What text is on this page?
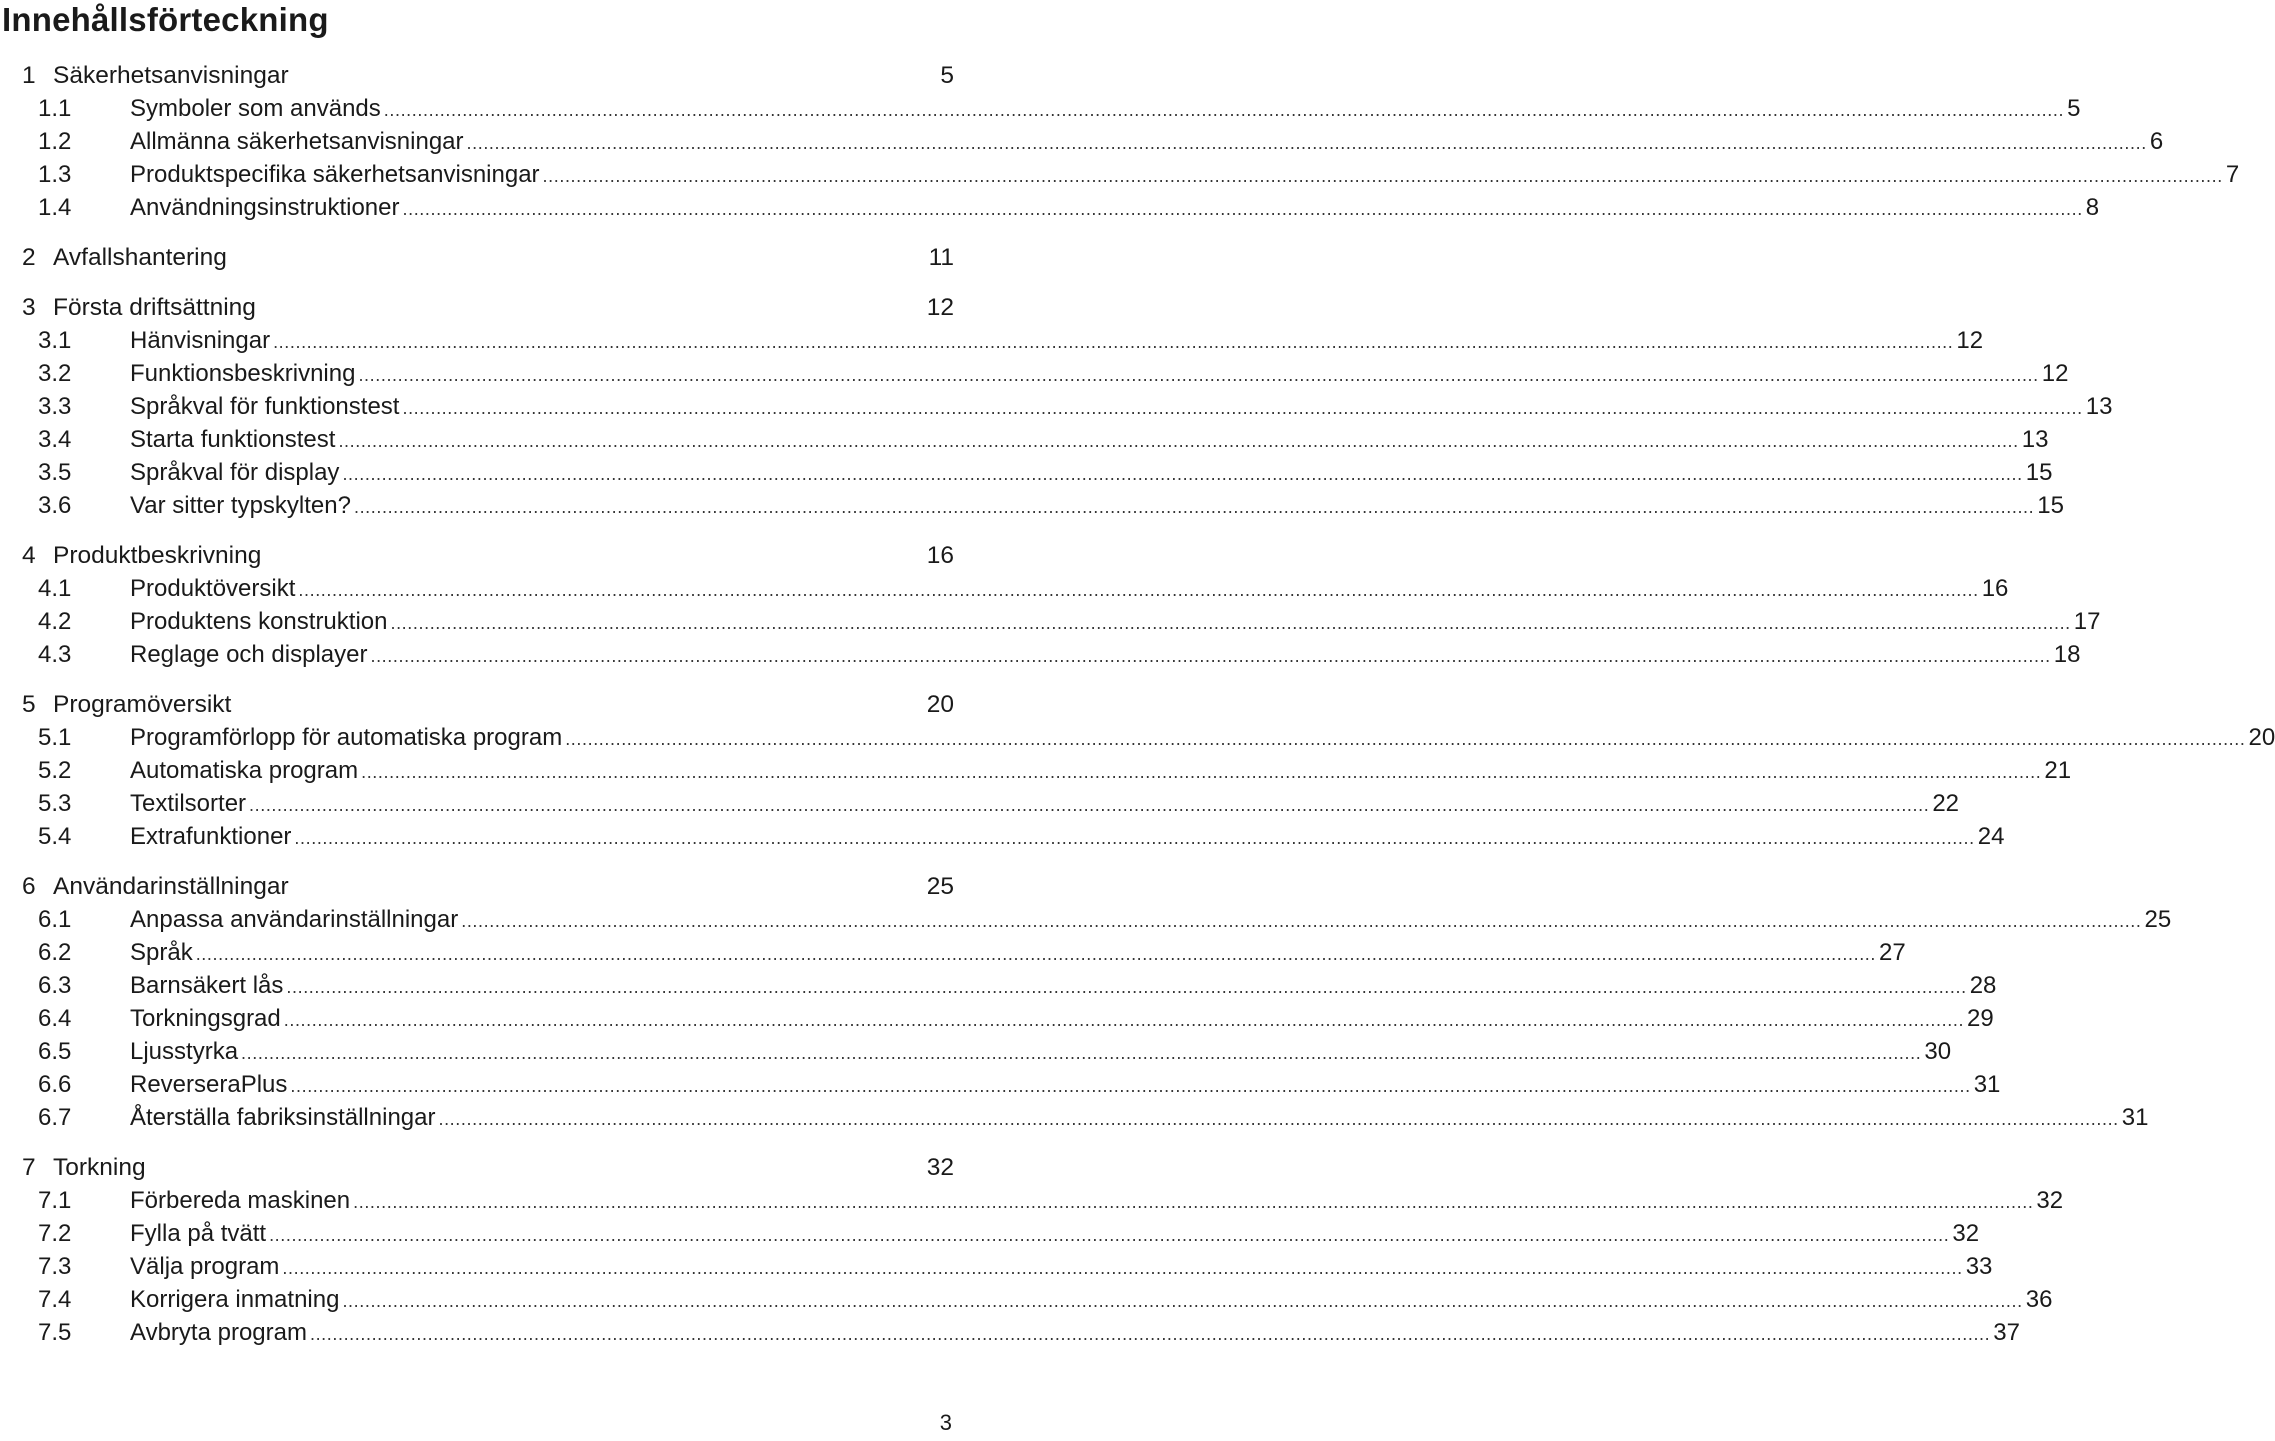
Innehållsförteckning
1 Säkerhetsanvisningar	5
1.1 Symboler som används ............................................................................................................................................................................................................................................................................................................ 5
1.2 Allmänna säkerhetsanvisningar ............................................................................................................................................................................................................................................................................................................ 6
1.3 Produktspecifika säkerhetsanvisningar ............................................................................................................................................................................................................................................................................................................ 7
1.4 Användningsinstruktioner ............................................................................................................................................................................................................................................................................................................ 8
2 Avfallshantering	11
3 Första driftsättning	12
3.1 Hänvisningar ............................................................................................................................................................................................................................................................................................................ 12
3.2 Funktionsbeskrivning ............................................................................................................................................................................................................................................................................................................ 12
3.3 Språkval för funktionstest ............................................................................................................................................................................................................................................................................................................ 13
3.4 Starta funktionstest ............................................................................................................................................................................................................................................................................................................ 13
3.5 Språkval för display ............................................................................................................................................................................................................................................................................................................ 15
3.6 Var sitter typskylten? ............................................................................................................................................................................................................................................................................................................ 15
4 Produktbeskrivning	16
4.1 Produktöversikt ............................................................................................................................................................................................................................................................................................................ 16
4.2 Produktens konstruktion ............................................................................................................................................................................................................................................................................................................ 17
4.3 Reglage och displayer ............................................................................................................................................................................................................................................................................................................ 18
5 Programöversikt	20
5.1 Programförlopp för automatiska program ............................................................................................................................................................................................................................................................................................................ 20
5.2 Automatiska program ............................................................................................................................................................................................................................................................................................................ 21
5.3 Textilsorter ............................................................................................................................................................................................................................................................................................................ 22
5.4 Extrafunktioner ............................................................................................................................................................................................................................................................................................................ 24
6 Användarinställningar	25
6.1 Anpassa användarinställningar ............................................................................................................................................................................................................................................................................................................ 25
6.2 Språk ............................................................................................................................................................................................................................................................................................................ 27
6.3 Barnsäkert lås ............................................................................................................................................................................................................................................................................................................ 28
6.4 Torkningsgrad ............................................................................................................................................................................................................................................................................................................ 29
6.5 Ljusstyrka ............................................................................................................................................................................................................................................................................................................ 30
6.6 ReverseraPlus ............................................................................................................................................................................................................................................................................................................ 31
6.7 Återställa fabriksinställningar ............................................................................................................................................................................................................................................................................................................ 31
7 Torkning	32
7.1 Förbereda maskinen ............................................................................................................................................................................................................................................................................................................ 32
7.2 Fylla på tvätt ............................................................................................................................................................................................................................................................................................................ 32
7.3 Välja program ............................................................................................................................................................................................................................................................................................................ 33
7.4 Korrigera inmatning ............................................................................................................................................................................................................................................................................................................ 36
7.5 Avbryta program ............................................................................................................................................................................................................................................................................................................ 37
3
